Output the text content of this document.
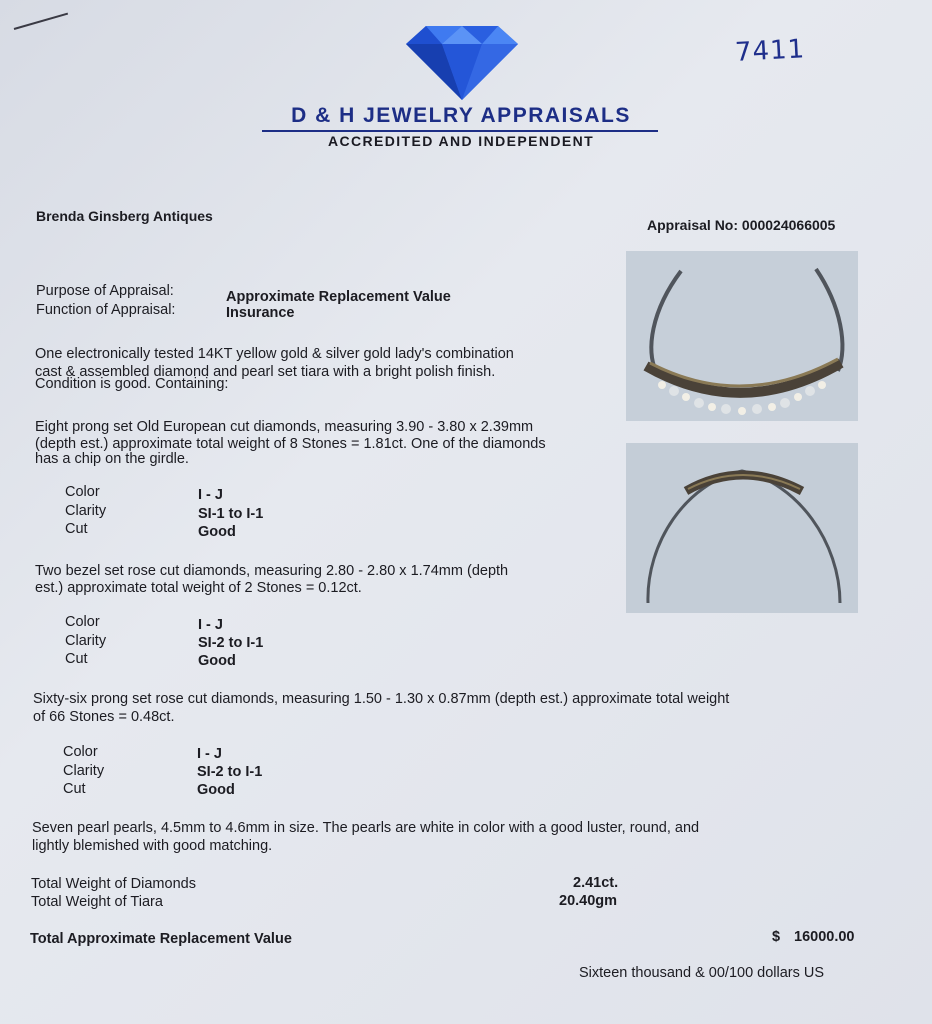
7411
D & H JEWELRY APPRAISALS
ACCREDITED AND INDEPENDENT
Brenda Ginsberg Antiques
Appraisal No: 000024066005
Purpose of Appraisal:	Approximate Replacement Value
Function of Appraisal:	Insurance
One electronically tested 14KT yellow gold & silver gold lady's combination
cast & assembled diamond and pearl set tiara with a bright polish finish.
Condition is good. Containing:
Eight prong set Old European cut diamonds, measuring 3.90 - 3.80 x 2.39mm
(depth est.) approximate total weight of 8 Stones = 1.81ct. One of the diamonds
has a chip on the girdle.
Color	I - J
Clarity	SI-1 to I-1
Cut	Good
Two bezel set rose cut diamonds, measuring 2.80 - 2.80 x 1.74mm (depth
est.) approximate total weight of 2 Stones = 0.12ct.
Color	I - J
Clarity	SI-2 to I-1
Cut	Good
Sixty-six prong set rose cut diamonds, measuring 1.50 - 1.30 x 0.87mm (depth est.) approximate total weight
of 66 Stones = 0.48ct.
Color	I - J
Clarity	SI-2 to I-1
Cut	Good
Seven pearl pearls, 4.5mm to 4.6mm in size. The pearls are white in color with a good luster, round, and
lightly blemished with good matching.
Total Weight of Diamonds	2.41ct.
Total Weight of Tiara	20.40gm
Total Approximate Replacement Value	$ 16000.00
Sixteen thousand & 00/100 dollars US
